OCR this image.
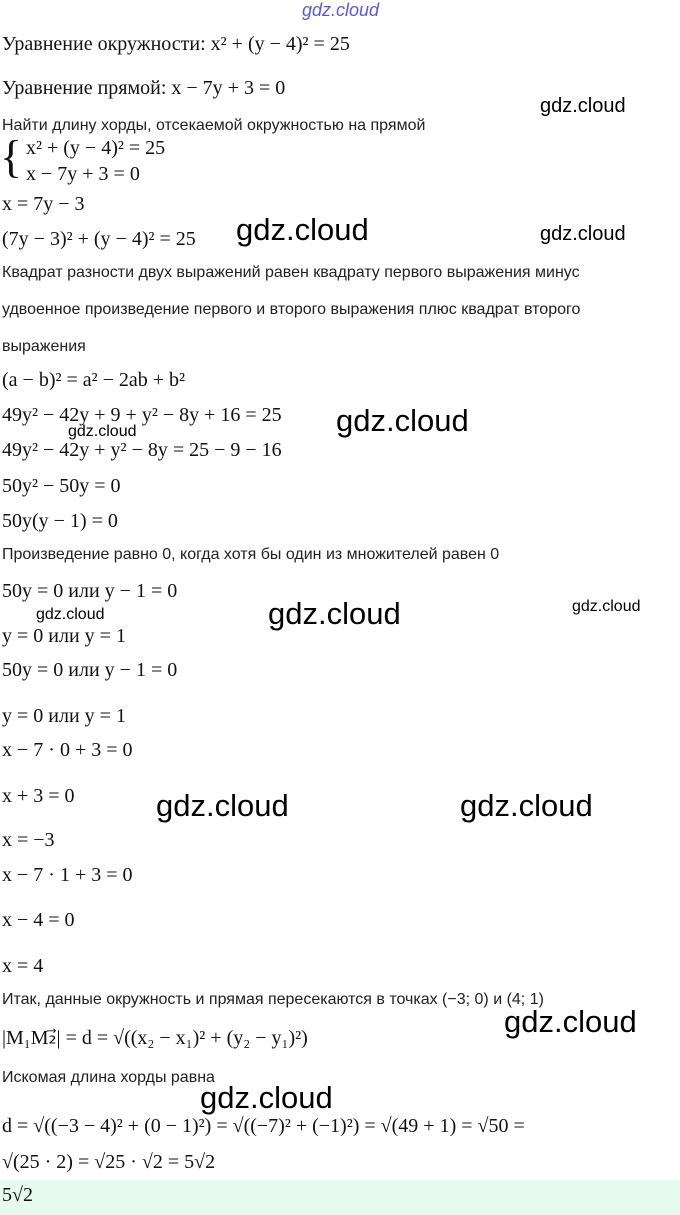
gdz.cloud
gdz.cloud
gdz.cloud	gdz.cloud
gdz.cloud
gdz.cloud
gdz.cloud
gdz.cloud	gdz.cloud
gdz.cloud	gdz.cloud
gdz.cloud
gdz.cloud
Уравнение окружности: x² + (y − 4)² = 25
Уравнение прямой: x − 7y + 3 = 0
Найти длину хорды, отсекаемой окружностью на прямой
{ x² + (y − 4)² = 25
x − 7y + 3 = 0
x = 7y − 3
(7y − 3)² + (y − 4)² = 25
Квадрат разности двух выражений равен квадрату первого выражения минус
удвоенное произведение первого и второго выражения плюс квадрат второго
выражения
(a − b)² = a² − 2ab + b²
49y² − 42y + 9 + y² − 8y + 16 = 25
49y² − 42y + y² − 8y = 25 − 9 − 16
50y² − 50y = 0
50y(y − 1) = 0
Произведение равно 0, когда хотя бы один из множителей равен 0
50y = 0 или y − 1 = 0
y = 0 или y = 1
50y = 0 или y − 1 = 0
y = 0 или y = 1
x − 7 · 0 + 3 = 0
x + 3 = 0
x = −3
x − 7 · 1 + 3 = 0
x − 4 = 0
x = 4
Итак, данные окружность и прямая пересекаются в точках (−3; 0) и (4; 1)
|M₁M₂⃗| = d = √((x₂ − x₁)² + (y₂ − y₁)²)
Искомая длина хорды равна
d = √((−3 − 4)² + (0 − 1)²) = √((−7)² + (−1)²) = √(49 + 1) = √50 =
√(25 · 2) = √25 · √2 = 5√2
5√2
